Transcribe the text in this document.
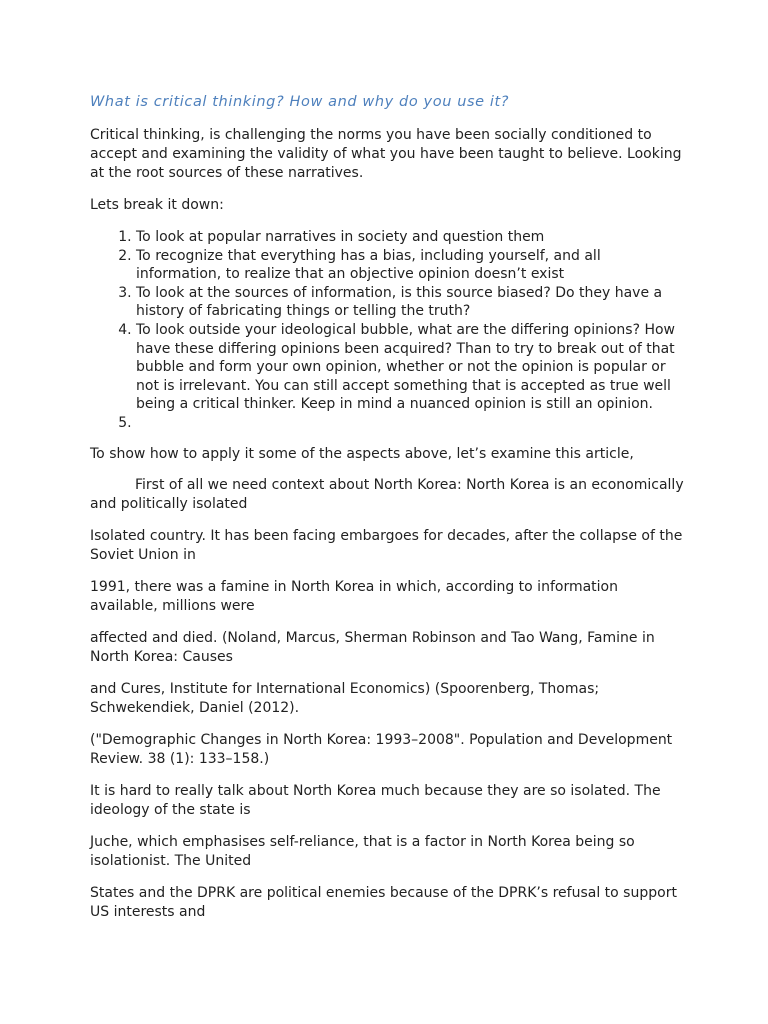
What is critical thinking? How and why do you use it?

Critical thinking, is challenging the norms you have been socially conditioned to accept and examining the validity of what you have been taught to believe. Looking at the root sources of these narratives.

Lets break it down:

1. To look at popular narratives in society and question them
2. To recognize that everything has a bias, including yourself, and all information, to realize that an objective opinion doesn’t exist
3. To look at the sources of information, is this source biased? Do they have a history of fabricating things or telling the truth?
4. To look outside your ideological bubble, what are the differing opinions? How have these differing opinions been acquired? Than to try to break out of that bubble and form your own opinion, whether or not the opinion is popular or not is irrelevant. You can still accept something that is accepted as true well being a critical thinker. Keep in mind a nuanced opinion is still an opinion.
5.

To show how to apply it some of the aspects above, let’s examine this article,

First of all we need context about North Korea: North Korea is an economically and politically isolated

Isolated country. It has been facing embargoes for decades, after the collapse of the Soviet Union in

1991, there was a famine in North Korea in which, according to information available, millions were

affected and died. (Noland, Marcus, Sherman Robinson and Tao Wang, Famine in North Korea: Causes

and Cures, Institute for International Economics) (Spoorenberg, Thomas; Schwekendiek, Daniel (2012).

("Demographic Changes in North Korea: 1993–2008". Population and Development Review. 38 (1): 133–158.)

It is hard to really talk about North Korea much because they are so isolated. The ideology of the state is

Juche, which emphasises self-reliance, that is a factor in North Korea being so isolationist. The United

States and the DPRK are political enemies because of the DPRK’s refusal to support US interests and
